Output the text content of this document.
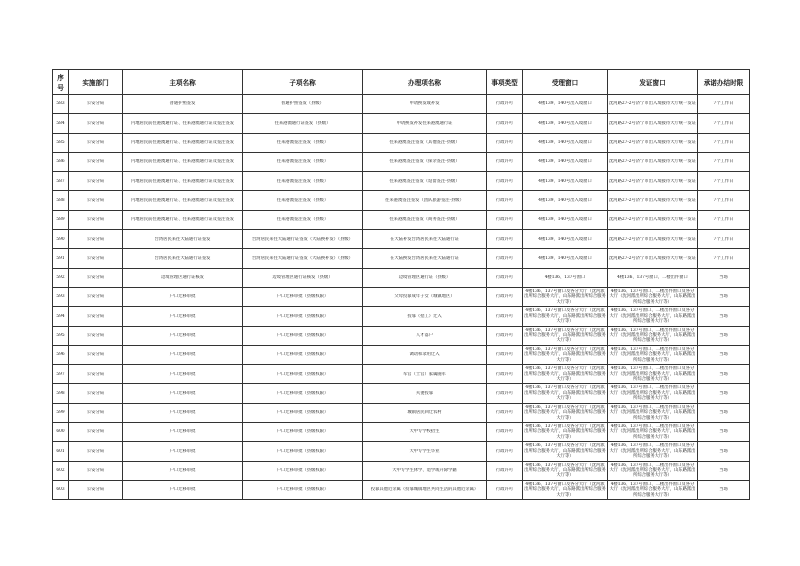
序号	实施部门	主项名称	子项名称	办理项名称	事项类型	受理窗口	发证窗口	承诺办结时限

583	公安分局	普通护照签发	普通护照签发（县级）	申请换发或补发	行政许可	4楼139、140号出入境窗口	沈河路27-2号济宁市出入境接待大厅统一发证	7个工作日

584	公安分局	内地居民前往港澳通行证、往来港澳通行证及签注签发	往来港澳通行证签发（县级）	申请换发补发往来港澳通行证	行政许可	4楼139、140号出入境窗口	沈河路27-2号济宁市出入境接待大厅统一发证	7个工作日

585	公安分局	内地居民前往港澳通行证、往来港澳通行证及签注签发	往来港澳签注签发（县级）	往来港澳签注签发（其他签注-县级）	行政许可	4楼139、140号出入境窗口	沈河路27-2号济宁市出入境接待大厅统一发证	7个工作日

586	公安分局	内地居民前往港澳通行证、往来港澳通行证及签注签发	往来港澳签注签发（县级）	往来港澳签注签发（探亲签注-县级）	行政许可	4楼139、140号出入境窗口	沈河路27-2号济宁市出入境接待大厅统一发证	7个工作日

587	公安分局	内地居民前往港澳通行证、往来港澳通行证及签注签发	往来港澳签注签发（县级）	往来港澳签注签发（逗留签注-县级）	行政许可	4楼139、140号出入境窗口	沈河路27-2号济宁市出入境接待大厅统一发证	7个工作日

588	公安分局	内地居民前往港澳通行证、往来港澳通行证及签注签发	往来港澳签注签发（县级）	往来港澳签注签发（团队旅游签注-县级）	行政许可	4楼139、140号出入境窗口	沈河路27-2号济宁市出入境接待大厅统一发证	7个工作日

589	公安分局	内地居民前往港澳通行证、往来港澳通行证及签注签发	往来港澳签注签发（县级）	往来港澳签注签发（商务签注-县级）	行政许可	4楼139、140号出入境窗口	沈河路27-2号济宁市出入境接待大厅统一发证	7个工作日

590	公安分局	台湾居民来往大陆通行证签发	台湾居民来往大陆通行证签发（大陆换补发）（县级）	在大陆补发台湾居民来往大陆通行证	行政许可	4楼139、140号出入境窗口	沈河路27-2号济宁市出入境接待大厅统一发证	7个工作日

591	公安分局	台湾居民来往大陆通行证签发	台湾居民来往大陆通行证签发（大陆换补发）（县级）	在大陆换发台湾居民来往大陆通行证	行政许可	4楼139、140号出入境窗口	沈河路27-2号济宁市出入境接待大厅统一发证	7个工作日

592	公安分局	边境管理区通行证核发	边境管理区通行证核发（县级）	边境管理区通行证（县级）	行政许可	4楼136、137号窗口	4楼136、137号窗口、二楼出件窗口	当场

593	公安分局	户口迁移审批	户口迁移审批（县级权限）	父母投靠成年子女（城镇地区）	行政许可	4楼136、137号窗口及各分大厅（沈河派出所综合服务大厅，山东路派出所综合服务大厅等）	4楼136、137号窗口、二楼出件窗口及各分大厅（沈河派出所综合服务大厅，山东路派出所综合服务大厅等）	当场

594	公安分局	户口迁移审批	户口迁移审批（县级权限）	投靠（招工）迁入	行政许可	4楼136、137号窗口及各分大厅（沈河派出所综合服务大厅，山东路派出所综合服务大厅等）	4楼136、137号窗口、二楼出件窗口及各分大厅（沈河派出所综合服务大厅，山东路派出所综合服务大厅等）	当场

595	公安分局	户口迁移审批	户口迁移审批（县级权限）	人才落户	行政许可	4楼136、137号窗口及各分大厅（沈河派出所综合服务大厅，山东路派出所综合服务大厅等）	4楼136、137号窗口、二楼出件窗口及各分大厅（沈河派出所综合服务大厅，山东路派出所综合服务大厅等）	当场

596	公安分局	户口迁移审批	户口迁移审批（县级权限）	调动和录用迁入	行政许可	4楼136、137号窗口及各分大厅（沈河派出所综合服务大厅，山东路派出所综合服务大厅等）	4楼136、137号窗口、二楼出件窗口及各分大厅（沈河派出所综合服务大厅，山东路派出所综合服务大厅等）	当场

597	公安分局	户口迁移审批	户口迁移审批（县级权限）	军官（士官）家属随军	行政许可	4楼136、137号窗口及各分大厅（沈河派出所综合服务大厅，山东路派出所综合服务大厅等）	4楼136、137号窗口、二楼出件窗口及各分大厅（沈河派出所综合服务大厅，山东路派出所综合服务大厅等）	当场

598	公安分局	户口迁移审批	户口迁移审批（县级权限）	夫妻投靠	行政许可	4楼136、137号窗口及各分大厅（沈河派出所综合服务大厅，山东路派出所综合服务大厅等）	4楼136、137号窗口、二楼出件窗口及各分大厅（沈河派出所综合服务大厅，山东路派出所综合服务大厅等）	当场

599	公安分局	户口迁移审批	户口迁移审批（县级权限）	城镇居民回迁农村	行政许可	4楼136、137号窗口及各分大厅（沈河派出所综合服务大厅，山东路派出所综合服务大厅等）	4楼136、137号窗口、二楼出件窗口及各分大厅（沈河派出所综合服务大厅，山东路派出所综合服务大厅等）	当场

600	公安分局	户口迁移审批	户口迁移审批（县级权限）	大中专学校招生	行政许可	4楼136、137号窗口及各分大厅（沈河派出所综合服务大厅，山东路派出所综合服务大厅等）	4楼136、137号窗口、二楼出件窗口及各分大厅（沈河派出所综合服务大厅，山东路派出所综合服务大厅等）	当场

601	公安分局	户口迁移审批	户口迁移审批（县级权限）	大中专学生毕业	行政许可	4楼136、137号窗口及各分大厅（沈河派出所综合服务大厅，山东路派出所综合服务大厅等）	4楼136、137号窗口、二楼出件窗口及各分大厅（沈河派出所综合服务大厅，山东路派出所综合服务大厅等）	当场

602	公安分局	户口迁移审批	户口迁移审批（县级权限）	大中专学生休学、退学或开除学籍	行政许可	4楼136、137号窗口及各分大厅（沈河派出所综合服务大厅，山东路派出所综合服务大厅等）	4楼136、137号窗口、二楼出件窗口及各分大厅（沈河派出所综合服务大厅，山东路派出所综合服务大厅等）	当场

603	公安分局	户口迁移审批	户口迁移审批（县级权限）	投靠其他近亲属（投靠城镇地区共同生活的其他近亲属）	行政许可	4楼136、137号窗口及各分大厅（沈河派出所综合服务大厅，山东路派出所综合服务大厅等）	4楼136、137号窗口、二楼出件窗口及各分大厅（沈河派出所综合服务大厅，山东路派出所综合服务大厅等）	当场
